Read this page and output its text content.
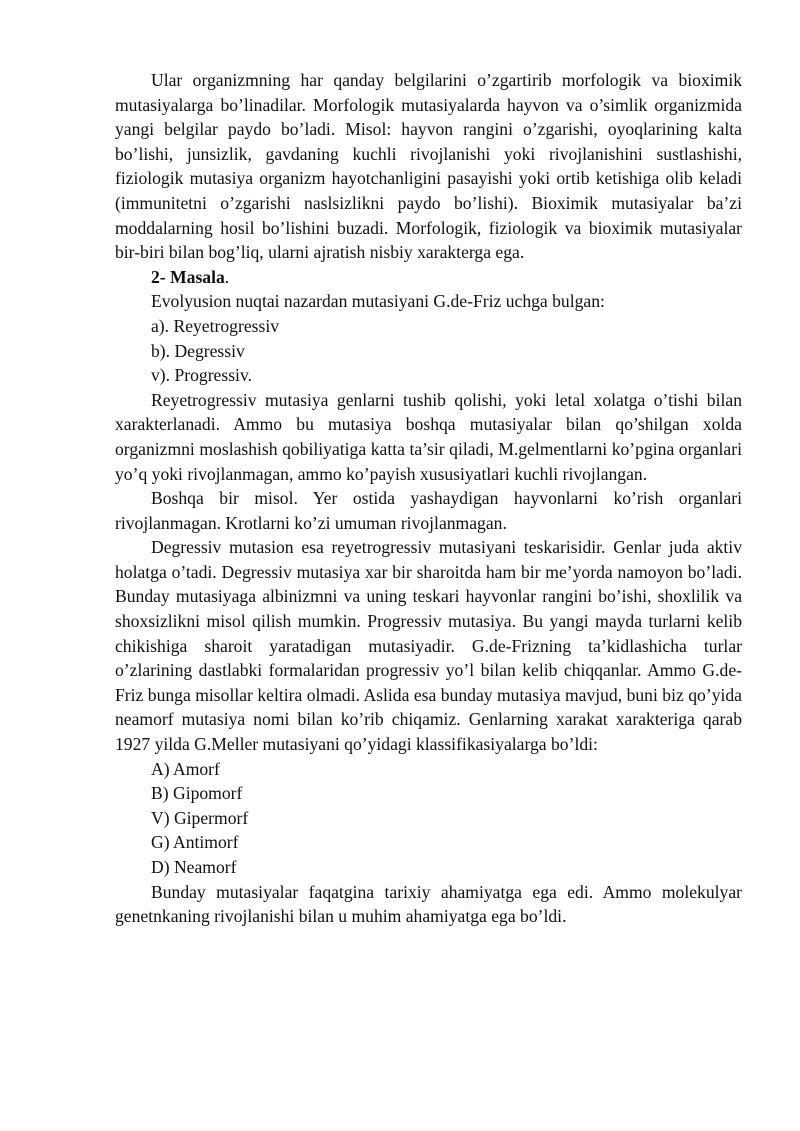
Ular organizmning har qanday belgilarini o’zgartirib morfologik va bioximik mutasiyalarga bo’linadilar. Morfologik mutasiyalarda hayvon va o’simlik organizmida yangi belgilar paydo bo’ladi. Misol: hayvon rangini o’zgarishi, oyoqlarining kalta bo’lishi, junsizlik, gavdaning kuchli rivojlanishi yoki rivojlanishini sustlashishi, fiziologik mutasiya organizm hayotchanligini pasayishi yoki ortib ketishiga olib keladi (immunitetni o’zgarishi naslsizlikni paydo bo’lishi). Bioximik mutasiyalar ba’zi moddalarning hosil bo’lishini buzadi. Morfologik, fiziologik va bioximik mutasiyalar bir-biri bilan bog’liq, ularni ajratish nisbiy xarakterga ega.

2- Masala.

Evolyusion nuqtai nazardan mutasiyani G.de-Friz uchga bulgan:

a). Reyetrogressiv

b). Degressiv

v). Progressiv.

Reyetrogressiv mutasiya genlarni tushib qolishi, yoki letal xolatga o’tishi bilan xarakterlanadi. Ammo bu mutasiya boshqa mutasiyalar bilan qo’shilgan xolda organizmni moslashish qobiliyatiga katta ta’sir qiladi, M.gelmentlarni ko’pgina organlari yo’q yoki rivojlanmagan, ammo ko’payish xususiyatlari kuchli rivojlangan.

Boshqa bir misol. Yer ostida yashaydigan hayvonlarni ko’rish organlari rivojlanmagan. Krotlarni ko’zi umuman rivojlanmagan.

Degressiv mutasion esa reyetrogressiv mutasiyani teskarisidir. Genlar juda aktiv holatga o’tadi. Degressiv mutasiya xar bir sharoitda ham bir me’yorda namoyon bo’ladi. Bunday mutasiyaga albinizmni va uning teskari hayvonlar rangini bo’ishi, shoxlilik va shoxsizlikni misol qilish mumkin. Progressiv mutasiya. Bu yangi mayda turlarni kelib chikishiga sharoit yaratadigan mutasiyadir. G.de-Frizning ta’kidlashicha turlar o’zlarining dastlabki formalaridan progressiv yo’l bilan kelib chiqqanlar. Ammo G.de-Friz bunga misollar keltira olmadi. Aslida esa bunday mutasiya mavjud, buni biz qo’yida neamorf mutasiya nomi bilan ko’rib chiqamiz. Genlarning xarakat xarakteriga qarab 1927 yilda G.Meller mutasiyani qo’yidagi klassifikasiyalarga bo’ldi:

A) Amorf

B) Gipomorf

V) Gipermorf

G) Antimorf

D) Neamorf

Bunday mutasiyalar faqatgina tarixiy ahamiyatga ega edi. Ammo molekulyar genetnkaning rivojlanishi bilan u muhim ahamiyatga ega bo’ldi.
